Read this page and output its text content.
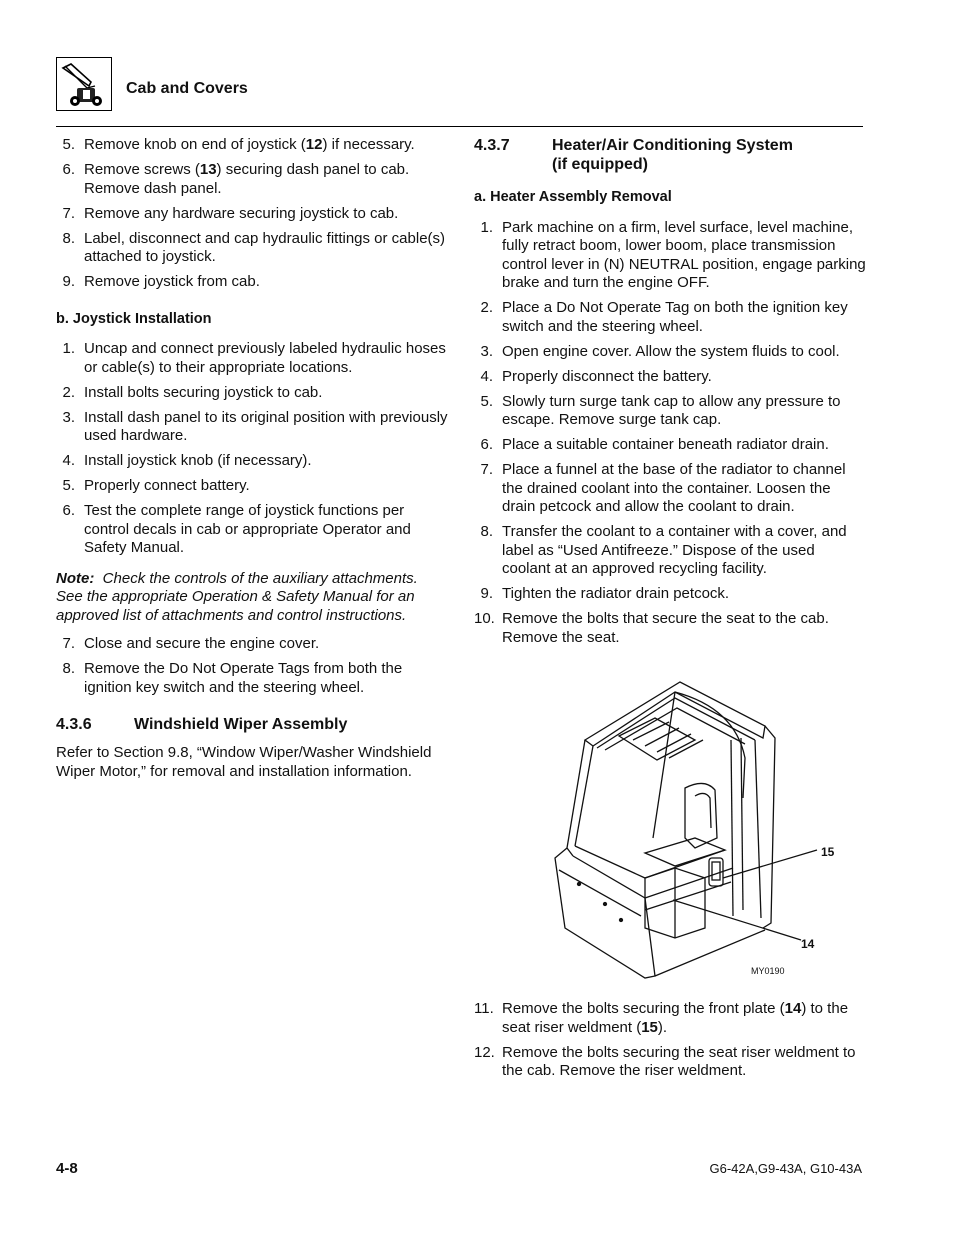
Cab and Covers
5. Remove knob on end of joystick (12) if necessary.
6. Remove screws (13) securing dash panel to cab. Remove dash panel.
7. Remove any hardware securing joystick to cab.
8. Label, disconnect and cap hydraulic fittings or cable(s) attached to joystick.
9. Remove joystick from cab.
b. Joystick Installation
1. Uncap and connect previously labeled hydraulic hoses or cable(s) to their appropriate locations.
2. Install bolts securing joystick to cab.
3. Install dash panel to its original position with previously used hardware.
4. Install joystick knob (if necessary).
5. Properly connect battery.
6. Test the complete range of joystick functions per control decals in cab or appropriate Operator and Safety Manual.

Note: Check the controls of the auxiliary attachments. See the appropriate Operation & Safety Manual for an approved list of attachments and control instructions.

7. Close and secure the engine cover.
8. Remove the Do Not Operate Tags from both the ignition key switch and the steering wheel.
4.3.6	Windshield Wiper Assembly

Refer to Section 9.8, “Window Wiper/Washer Windshield Wiper Motor,” for removal and installation information.

4.3.7	Heater/Air Conditioning System
(if equipped)
a. Heater Assembly Removal
1. Park machine on a firm, level surface, level machine, fully retract boom, lower boom, place transmission control lever in (N) NEUTRAL position, engage parking brake and turn the engine OFF.
2. Place a Do Not Operate Tag on both the ignition key switch and the steering wheel.
3. Open engine cover. Allow the system fluids to cool.
4. Properly disconnect the battery.
5. Slowly turn surge tank cap to allow any pressure to escape. Remove surge tank cap.
6. Place a suitable container beneath radiator drain.
7. Place a funnel at the base of the radiator to channel the drained coolant into the container. Loosen the drain petcock and allow the coolant to drain.
8. Transfer the coolant to a container with a cover, and label as “Used Antifreeze.” Dispose of the used coolant at an approved recycling facility.
9. Tighten the radiator drain petcock.
10. Remove the bolts that secure the seat to the cab. Remove the seat.
11. Remove the bolts securing the front plate (14) to the seat riser weldment (15).
12. Remove the bolts securing the seat riser weldment to the cab. Remove the riser weldment.
15
14
MY0190
4-8	G6-42A,G9-43A, G10-43A
